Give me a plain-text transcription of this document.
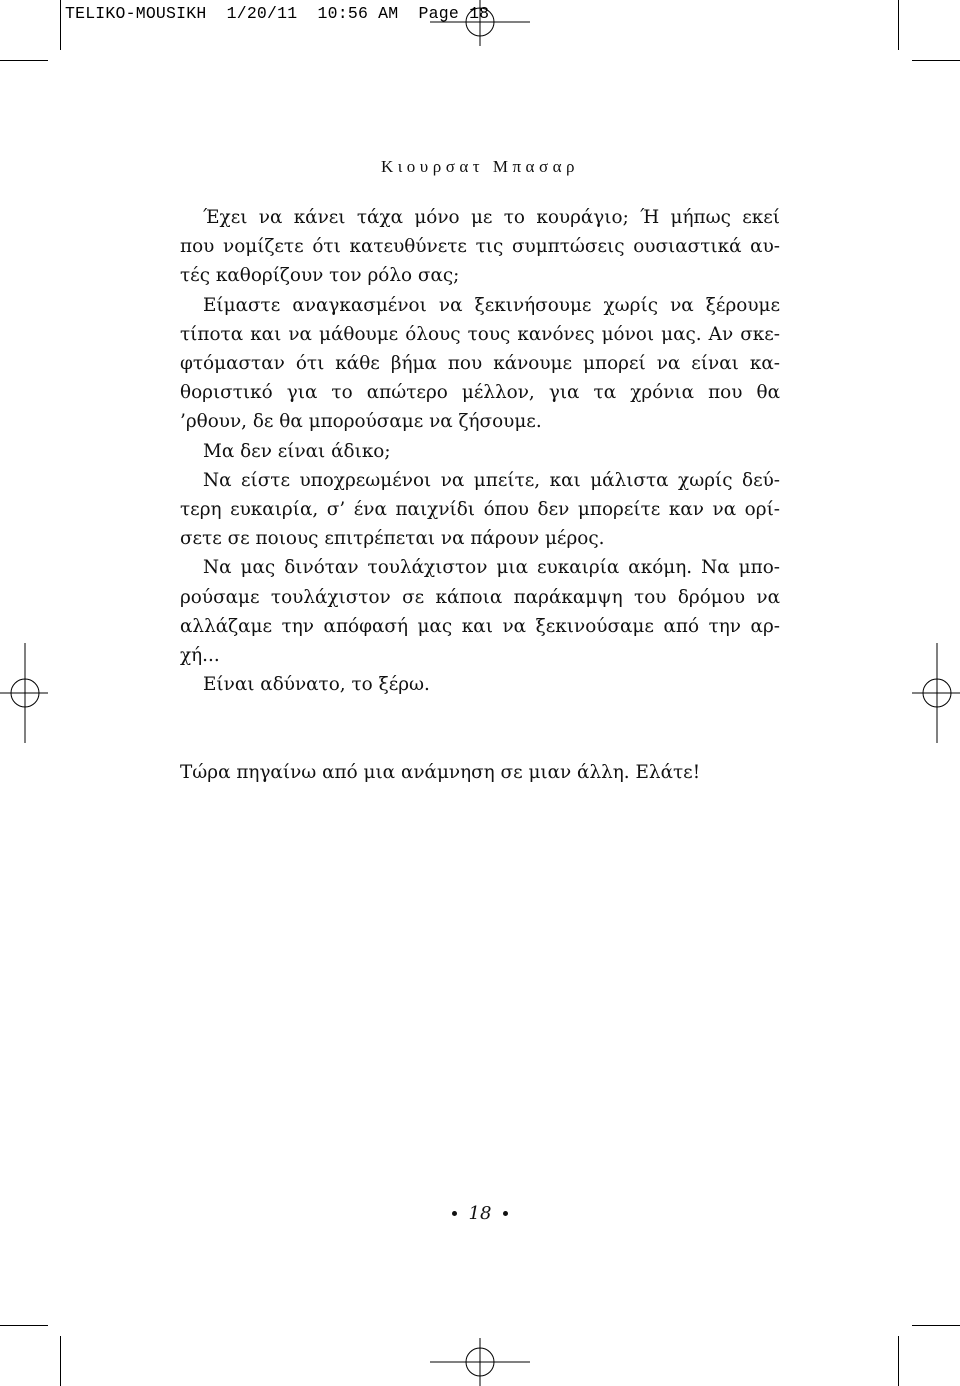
TELIKO-MOUSIKH  1/20/11  10:56 AM  Page 18
Κιουρσατ Μπασαρ
Έχει να κάνει τάχα μόνο με το κουράγιο; Ή μήπως εκεί
που νομίζετε ότι κατευθύνετε τις συμπτώσεις ουσιαστικά αυ-
τές καθορίζουν τον ρόλο σας;
Είμαστε αναγκασμένοι να ξεκινήσουμε χωρίς να ξέρουμε
τίποτα και να μάθουμε όλους τους κανόνες μόνοι μας. Αν σκε-
φτόμασταν ότι κάθε βήμα που κάνουμε μπορεί να είναι κα-
θοριστικό για το απώτερο μέλλον, για τα χρόνια που θα
’ρθουν, δε θα μπορούσαμε να ζήσουμε.
Μα δεν είναι άδικο;
Να είστε υποχρεωμένοι να μπείτε, και μάλιστα χωρίς δεύ-
τερη ευκαιρία, σ’ ένα παιχνίδι όπου δεν μπορείτε καν να ορί-
σετε σε ποιους επιτρέπεται να πάρουν μέρος.
Να μας δινόταν τουλάχιστον μια ευκαιρία ακόμη. Να μπο-
ρούσαμε τουλάχιστον σε κάποια παράκαμψη του δρόμου να
αλλάζαμε την απόφασή μας και να ξεκινούσαμε από την αρ-
χή...
Είναι αδύνατο, το ξέρω.
Τώρα πηγαίνω από μια ανάμνηση σε μιαν άλλη. Ελάτε!
18
